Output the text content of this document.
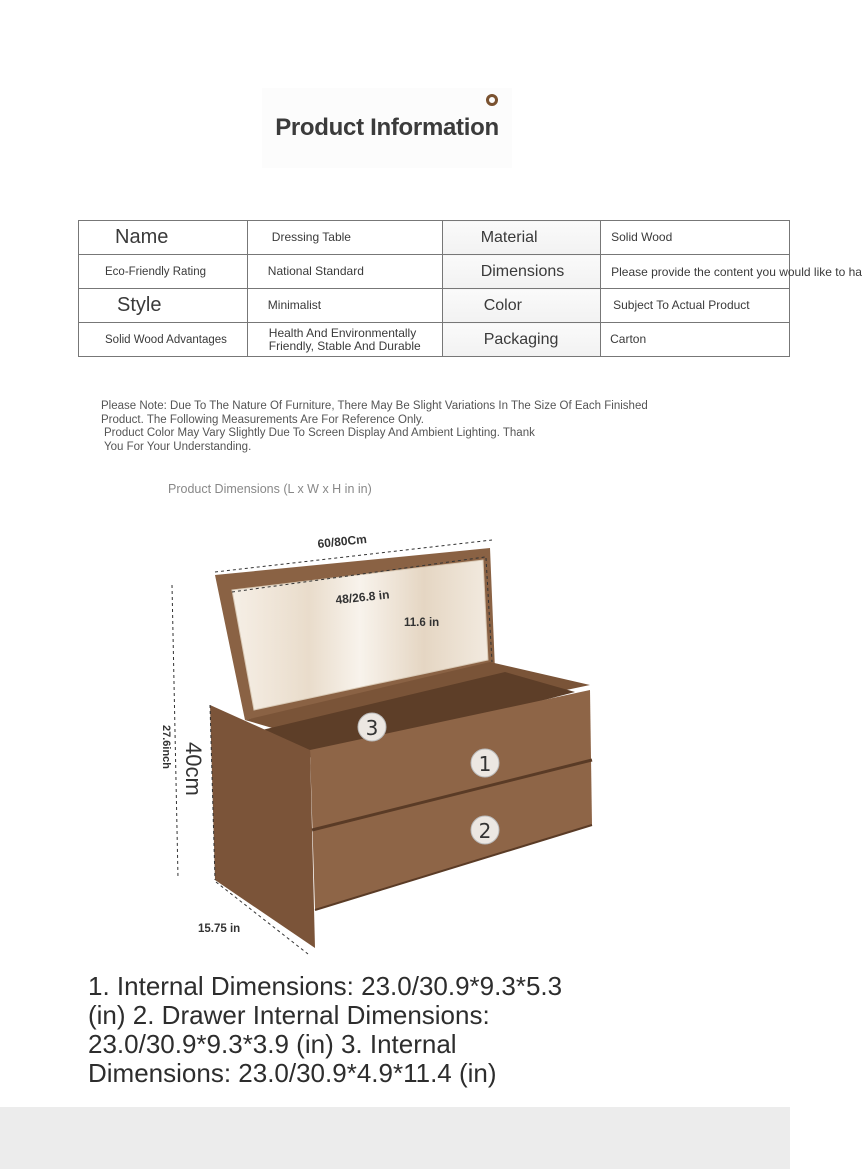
Product Information
Name	Dressing Table	Material	Solid Wood
Eco-Friendly Rating	National Standard	Dimensions	Please provide the content you would like to ha

Style	Minimalist	Color	Subject To Actual Product
Solid Wood Advantages	Health And Environmentally Friendly, Stable And Durable	Packaging	Carton
Please Note: Due To The Nature Of Furniture, There May Be Slight Variations In The Size Of Each Finished
Product. The Following Measurements Are For Reference Only.
Product Color May Vary Slightly Due To Screen Display And Ambient Lighting. Thank
You For Your Understanding.
Product Dimensions (L x W x H in in)
1
2
3
60/80Cm
48/26.8 in
11.6 in
27.6inch 40cm
15.75 in
1. Internal Dimensions: 23.0/30.9*9.3*5.3 (in) 2. Drawer Internal Dimensions: 23.0/30.9*9.3*3.9 (in) 3. Internal Dimensions: 23.0/30.9*4.9*11.4 (in)
